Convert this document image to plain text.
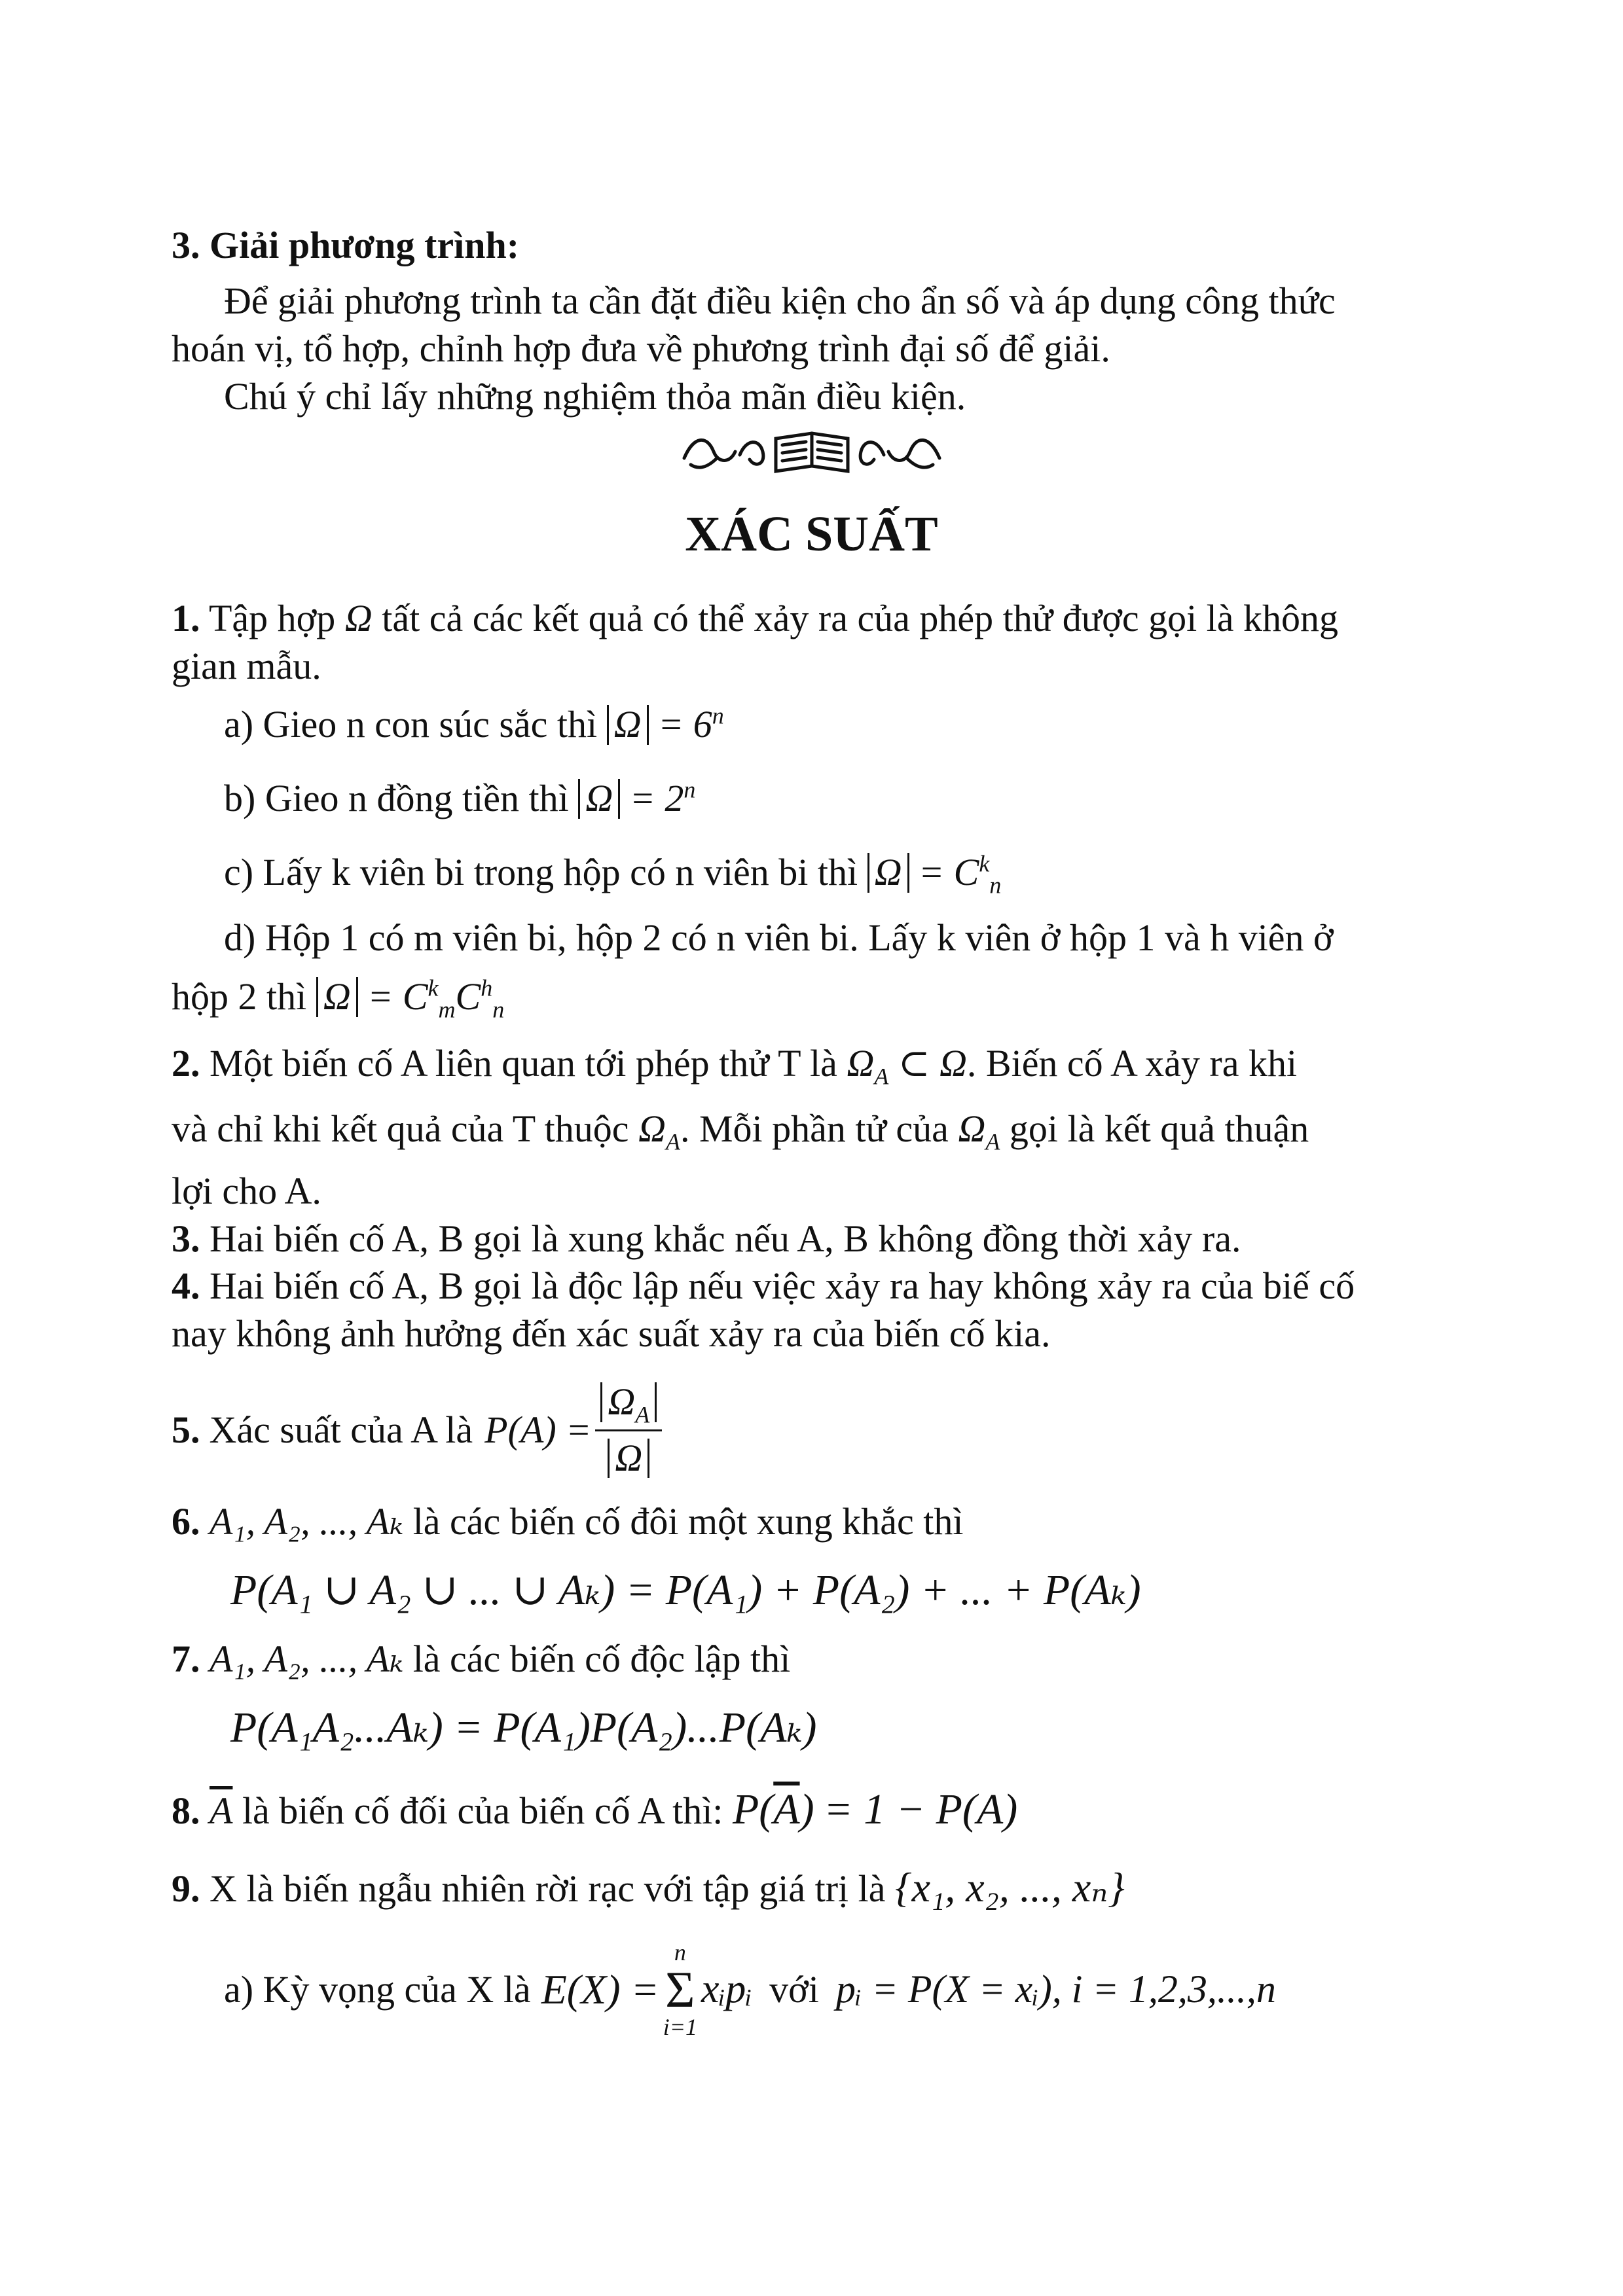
3. Giải phương trình:
Để giải phương trình ta cần đặt điều kiện cho ẩn số và áp dụng công thức
hoán vị, tổ hợp, chỉnh hợp đưa về phương trình đại số để giải.
Chú ý chỉ lấy những nghiệm thỏa mãn điều kiện.
XÁC SUẤT
1. Tập hợp Ω tất cả các kết quả có thể xảy ra của phép thử được gọi là không
gian mẫu.
a) Gieo n con súc sắc thì $\Omega = 6^n$
b) Gieo n đồng tiền thì $\Omega = 2^n$
c) Lấy k viên bi trong hộp có n viên bi thì $\Omega = C^k_n$
d) Hộp 1 có m viên bi, hộp 2 có n viên bi. Lấy k viên ở hộp 1 và h viên ở
hộp 2 thì $\Omega = C^k_mC^h_n$
2. Một biến cố A liên quan tới phép thử T là $\Omega_A$ ⊂ Ω. Biến cố A xảy ra khi
và chỉ khi kết quả của T thuộc $\Omega_A$. Mỗi phần tử của $\Omega_A$ gọi là kết quả thuận
lợi cho A.
3. Hai biến cố A, B gọi là xung khắc nếu A, B không đồng thời xảy ra.
4. Hai biến cố A, B gọi là độc lập nếu việc xảy ra hay không xảy ra của biế cố
nay không ảnh hưởng đến xác suất xảy ra của biến cố kia.
5. Xác suất của A là $P(A) = \frac{\Omega_A}{\Omega}$
6. A₁, A₂, ..., Aₖ là các biến cố đôi một xung khắc thì
P(A₁ ∪ A₂ ∪ ... ∪ Aₖ) = P(A₁) + P(A₂) + ... + P(Aₖ)
7. A₁, A₂, ..., Aₖ là các biến cố độc lập thì
P(A₁A₂...Aₖ) = P(A₁)P(A₂)...P(Aₖ)
8. $\overline{A}$ là biến cố đối của biến cố A thì: $P(\overline{A}) = 1 - P(A)$
9. X là biến ngẫu nhiên rời rạc với tập giá trị là {x₁, x₂, ..., xₙ}
a) Kỳ vọng của X là E(X) =
n
Σ
i=1
xᵢpᵢ với pᵢ = P(X = xᵢ), i = 1,2,3,...,n
